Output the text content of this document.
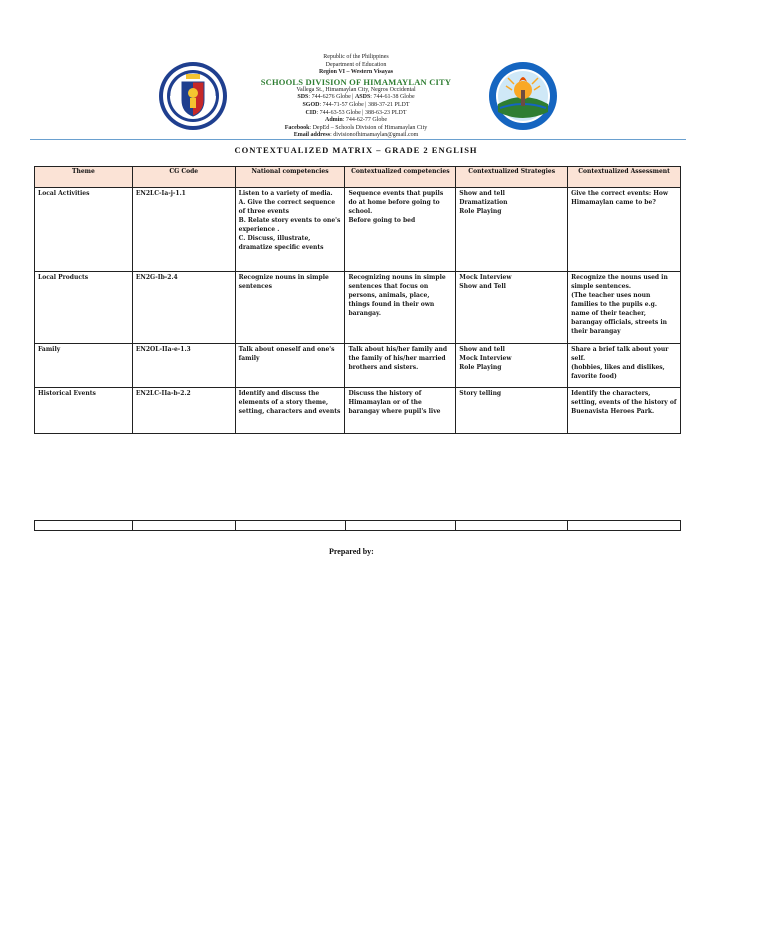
Republic of the Philippines
Department of Education
Region VI – Western Visayas
SCHOOLS DIVISION OF HIMAMAYLAN CITY
Vallega St., Himamaylan City, Negros Occidental
SDS: 744-6276 Globe | ASDS: 744-61-38 Globe
SGOD: 744-71-57 Globe | 388-37-21 PLDT
CID: 744-63-53 Globe | 388-63-23 PLDT
Admin: 744-62-77 Globe
Facebook: DepEd – Schools Division of Himamaylan City
Email address: divisionofhimamaylan@gmail.com
CONTEXTUALIZED MATRIX – GRADE 2 ENGLISH
Theme	CG Code	National competencies	Contextualized competencies	Contextualized Strategies	Contextualized Assessment
Local Activities	EN2LC-Ia-j-1.1	Listen to a variety of media.
A. Give the correct sequence of three events
B. Relate story events to one's experience .
C. Discuss, illustrate, dramatize specific events	Sequence events that pupils do at home before going to school.
Before going to bed	Show and tell
Dramatization
Role Playing	Give the correct events: How Himamaylan came to be?

Local Products	EN2G-Ib-2.4	Recognize nouns in simple sentences	Recognizing nouns in simple sentences that focus on persons, animals, place, things found in their own barangay.	Mock Interview
Show and Tell	Recognize the nouns used in simple sentences.
(The teacher uses noun families to the pupils e.g. name of their teacher, barangay officials, streets in their barangay

Family	EN2OL-IIa-e-1.3	Talk about oneself and one's family	Talk about his/her family and the family of his/her married brothers and sisters.	Show and tell
Mock Interview
Role Playing	Share a brief talk about your self.
(hobbies, likes and dislikes, favorite food)

Historical Events	EN2LC-IIa-b-2.2	Identify and discuss the elements of a story theme, setting, characters and events	Discuss the history of Himamaylan or of the barangay where pupil's live	Story telling	Identify the characters, setting, events of the history of Buenavista Heroes Park.

Prepared by:
